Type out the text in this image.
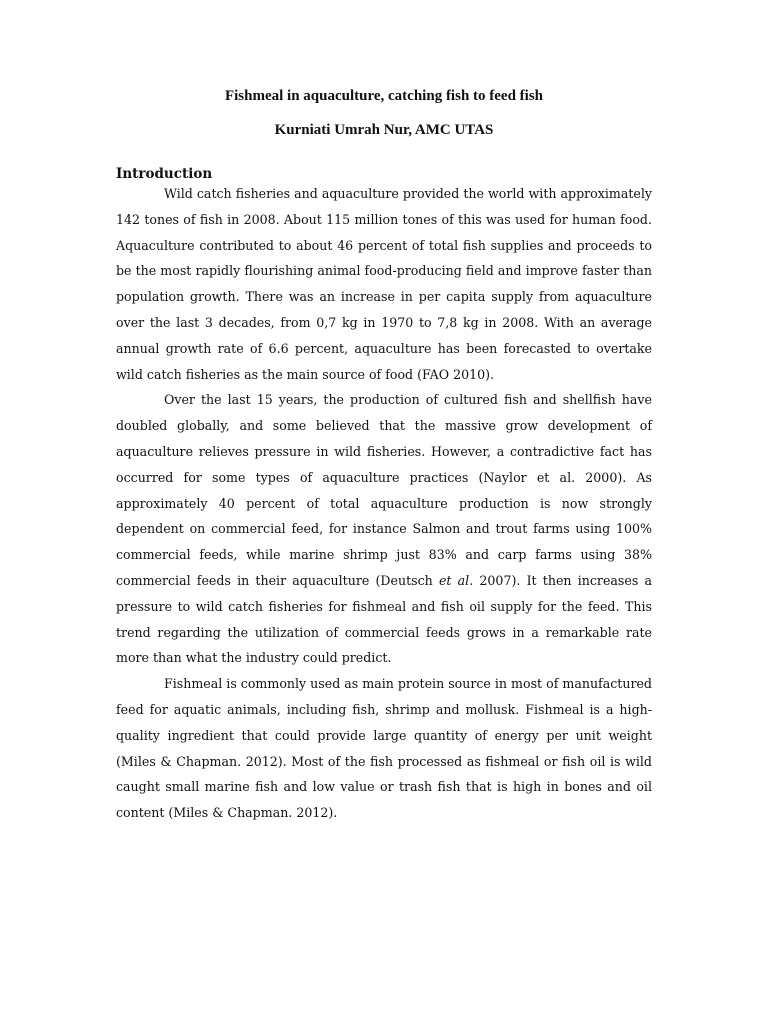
Fishmeal in aquaculture, catching fish to feed fish
Kurniati Umrah Nur, AMC UTAS
Introduction

Wild catch fisheries and aquaculture provided the world with approximately 142 tones of fish in 2008. About 115 million tones of this was used for human food. Aquaculture contributed to about 46 percent of total fish supplies and proceeds to be the most rapidly flourishing animal food-producing field and improve faster than population growth. There was an increase in per capita supply from aquaculture over the last 3 decades, from 0,7 kg in 1970 to 7,8 kg in 2008. With an average annual growth rate of 6.6 percent, aquaculture has been forecasted to overtake wild catch fisheries as the main source of food (FAO 2010).

Over the last 15 years, the production of cultured fish and shellfish have doubled globally, and some believed that the massive grow development of aquaculture relieves pressure in wild fisheries. However, a contradictive fact has occurred for some types of aquaculture practices (Naylor et al. 2000). As approximately 40 percent of total aquaculture production is now strongly dependent on commercial feed, for instance Salmon and trout farms using 100% commercial feeds, while marine shrimp just 83% and carp farms using 38% commercial feeds in their aquaculture (Deutsch et al. 2007). It then increases a pressure to wild catch fisheries for fishmeal and fish oil supply for the feed. This trend regarding the utilization of commercial feeds grows in a remarkable rate more than what the industry could predict.

Fishmeal is commonly used as main protein source in most of manufactured feed for aquatic animals, including fish, shrimp and mollusk. Fishmeal is a high-quality ingredient that could provide large quantity of energy per unit weight (Miles & Chapman. 2012). Most of the fish processed as fishmeal or fish oil is wild caught small marine fish and low value or trash fish that is high in bones and oil content (Miles & Chapman. 2012).
